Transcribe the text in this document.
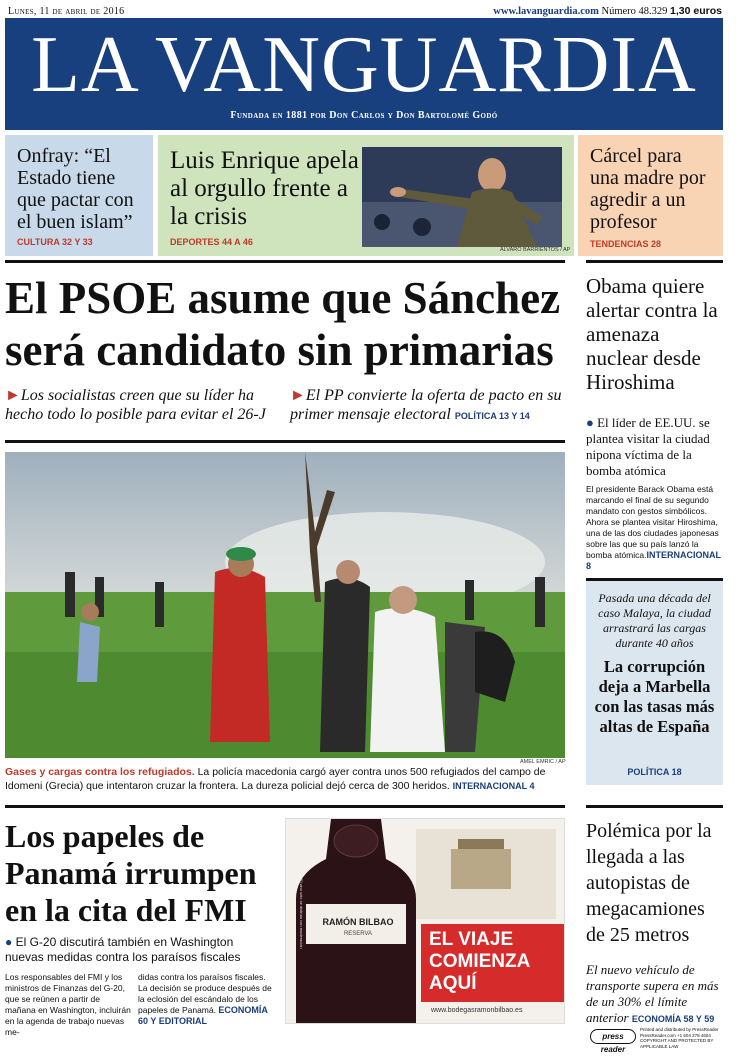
Lunes, 11 de abril de 2016	www.lavanguardia.com Número 48.329 1,30 euros
LA VANGUARDIA
Fundada en 1881 por Don Carlos y Don Bartolomé Godó
Onfray: “El Estado tiene que pactar con el buen islam”
CULTURA 32 Y 33
Luis Enrique apela al orgullo frente a la crisis
DEPORTES 44 A 46
ÁLVARO BARRIENTOS / AP
Cárcel para una madre por agredir a un profesor
TENDENCIAS 28
El PSOE asume que Sánchez será candidato sin primarias
►Los socialistas creen que su líder ha hecho todo lo posible para evitar el 26-J
►El PP convierte la oferta de pacto en su primer mensaje electoral POLÍTICA 13 Y 14
AMEL EMRIC / AP
Gases y cargas contra los refugiados. La policía macedonia cargó ayer contra unos 500 refugiados del campo de Idomeni (Grecia) que intentaron cruzar la frontera. La dureza policial dejó cerca de 300 heridos. INTERNACIONAL 4
Los papeles de Panamá irrumpen en la cita del FMI
● El G-20 discutirá también en Washington nuevas medidas contra los paraísos fiscales
Los responsables del FMI y los ministros de Finanzas del G-20, que se reúnen a partir de mañana en Washington, incluirán en la agenda de trabajo nuevas me-
didas contra los paraísos fiscales. La decisión se produce después de la eclosión del escándalo de los papeles de Panamá. ECONOMÍA 60 Y EDITORIAL
RAMÓN BILBAO
RESERVA
El vino sólo se disfruta con moderación	EL VIAJE
COMIENZA
AQUÍ
www.bodegasramonbilbao.es
Obama quiere alertar contra la amenaza nuclear desde Hiroshima
● El líder de EE.UU. se plantea visitar la ciudad nipona víctima de la bomba atómica
El presidente Barack Obama está marcando el final de su segundo mandato con gestos simbólicos. Ahora se plantea visitar Hiroshima, una de las dos ciudades japonesas sobre las que su país lanzó la bomba atómica.INTERNACIONAL 8
Pasada una década del caso Malaya, la ciudad arrastrará las cargas durante 40 años
La corrupción deja a Marbella con las tasas más altas de España
POLÍTICA 18
Polémica por la llegada a las autopistas de megacamiones de 25 metros
El nuevo vehículo de transporte supera en más de un 30% el límite anterior ECONOMÍA 58 Y 59
press reader
Printed and distributed by PressReader PressReader.com +1 604 278 4604 COPYRIGHT AND PROTECTED BY APPLICABLE LAW
